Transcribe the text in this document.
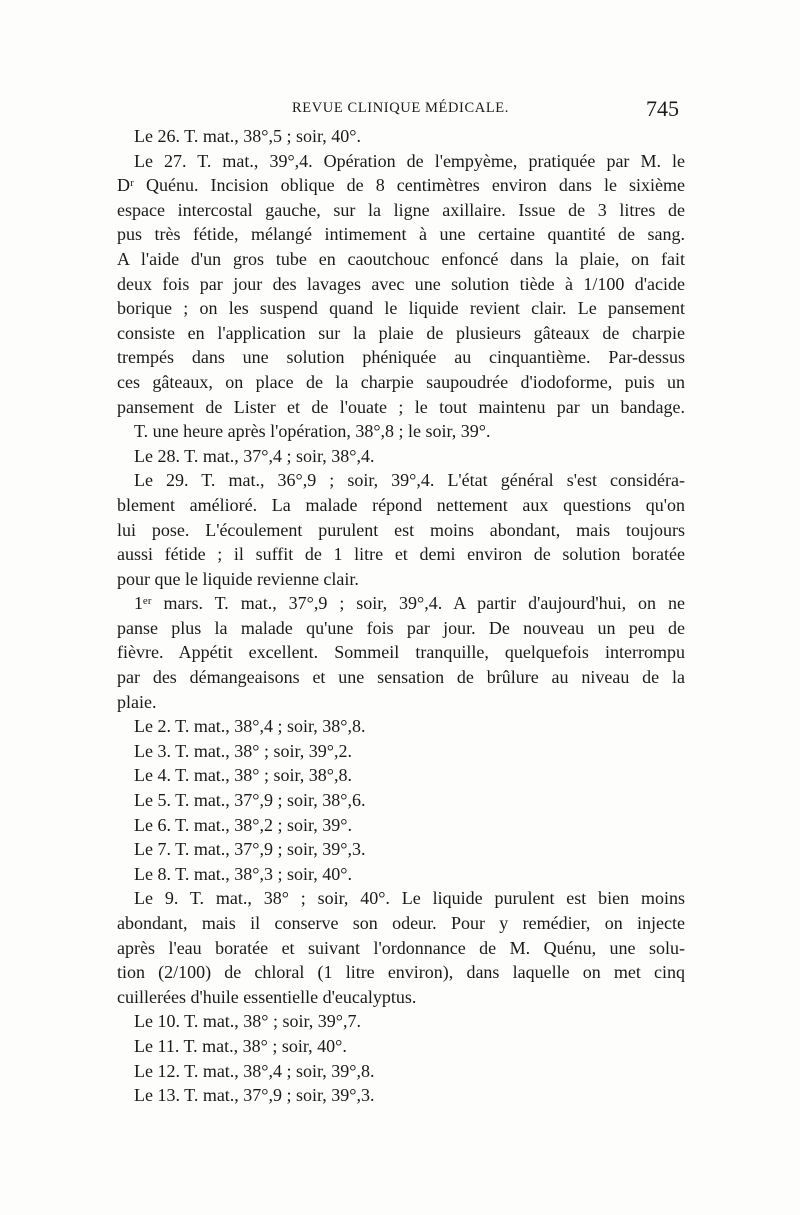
REVUE CLINIQUE MÉDICALE.	745
Le 26. T. mat., 38°,5 ; soir, 40°.
Le 27. T. mat., 39°,4. Opération de l'empyème, pratiquée par M. le
Dʳ Quénu. Incision oblique de 8 centimètres environ dans le sixième
espace intercostal gauche, sur la ligne axillaire. Issue de 3 litres de
pus très fétide, mélangé intimement à une certaine quantité de sang.
A l'aide d'un gros tube en caoutchouc enfoncé dans la plaie, on fait
deux fois par jour des lavages avec une solution tiède à 1/100 d'acide
borique ; on les suspend quand le liquide revient clair. Le pansement
consiste en l'application sur la plaie de plusieurs gâteaux de charpie
trempés dans une solution phéniquée au cinquantième. Par-dessus
ces gâteaux, on place de la charpie saupoudrée d'iodoforme, puis un
pansement de Lister et de l'ouate ; le tout maintenu par un bandage.
T. une heure après l'opération, 38°,8 ; le soir, 39°.
Le 28. T. mat., 37°,4 ; soir, 38°,4.
Le 29. T. mat., 36°,9 ; soir, 39°,4. L'état général s'est considéra-
blement amélioré. La malade répond nettement aux questions qu'on
lui pose. L'écoulement purulent est moins abondant, mais toujours
aussi fétide ; il suffit de 1 litre et demi environ de solution boratée
pour que le liquide revienne clair.
1ᵉʳ mars. T. mat., 37°,9 ; soir, 39°,4. A partir d'aujourd'hui, on ne
panse plus la malade qu'une fois par jour. De nouveau un peu de
fièvre. Appétit excellent. Sommeil tranquille, quelquefois interrompu
par des démangeaisons et une sensation de brûlure au niveau de la
plaie.
Le 2. T. mat., 38°,4 ; soir, 38°,8.
Le 3. T. mat., 38° ; soir, 39°,2.
Le 4. T. mat., 38° ; soir, 38°,8.
Le 5. T. mat., 37°,9 ; soir, 38°,6.
Le 6. T. mat., 38°,2 ; soir, 39°.
Le 7. T. mat., 37°,9 ; soir, 39°,3.
Le 8. T. mat., 38°,3 ; soir, 40°.
Le 9. T. mat., 38° ; soir, 40°. Le liquide purulent est bien moins
abondant, mais il conserve son odeur. Pour y remédier, on injecte
après l'eau boratée et suivant l'ordonnance de M. Quénu, une solu-
tion (2/100) de chloral (1 litre environ), dans laquelle on met cinq
cuillerées d'huile essentielle d'eucalyptus.
Le 10. T. mat., 38° ; soir, 39°,7.
Le 11. T. mat., 38° ; soir, 40°.
Le 12. T. mat., 38°,4 ; soir, 39°,8.
Le 13. T. mat., 37°,9 ; soir, 39°,3.
